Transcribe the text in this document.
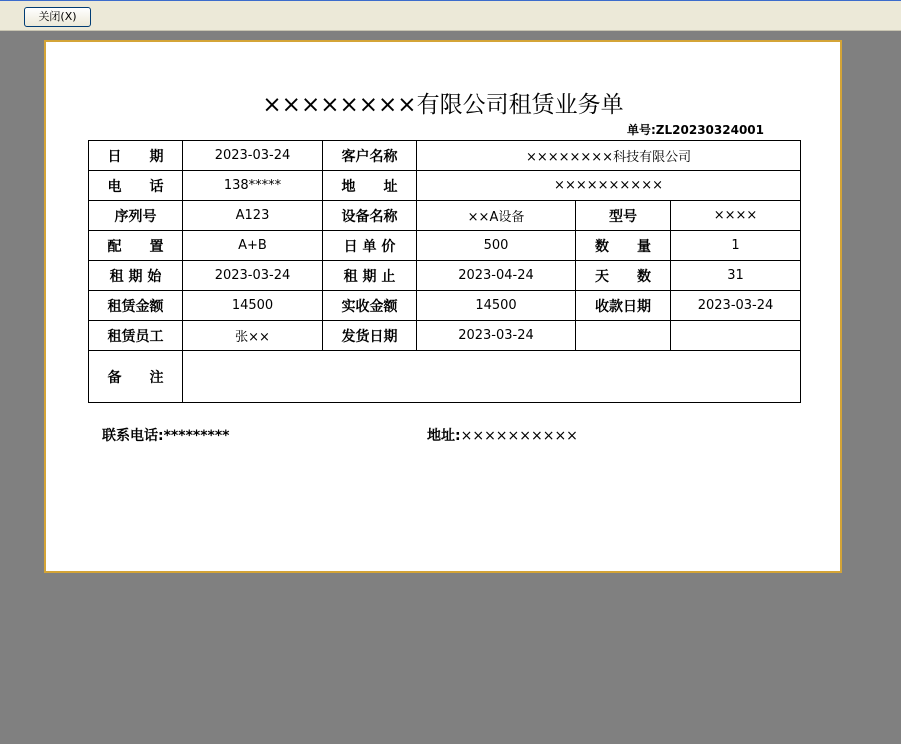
关闭(X)
××××××××有限公司租赁业务单
单号:ZL20230324001
日　　期	2023-03-24	客户名称	××××××××科技有限公司		
电　　话	138*****	地　　址	××××××××××		
序列号	A123	设备名称	××A设备	型号	××××
配　　置	A+B	日 单 价	500	数　　量	1
租 期 始	2023-03-24	租 期 止	2023-04-24	天　　数	31
租赁金额	14500	实收金额	14500	收款日期	2023-03-24
租赁员工	张××	发货日期	2023-03-24		
备　　注					
联系电话:*********	地址:××××××××××
